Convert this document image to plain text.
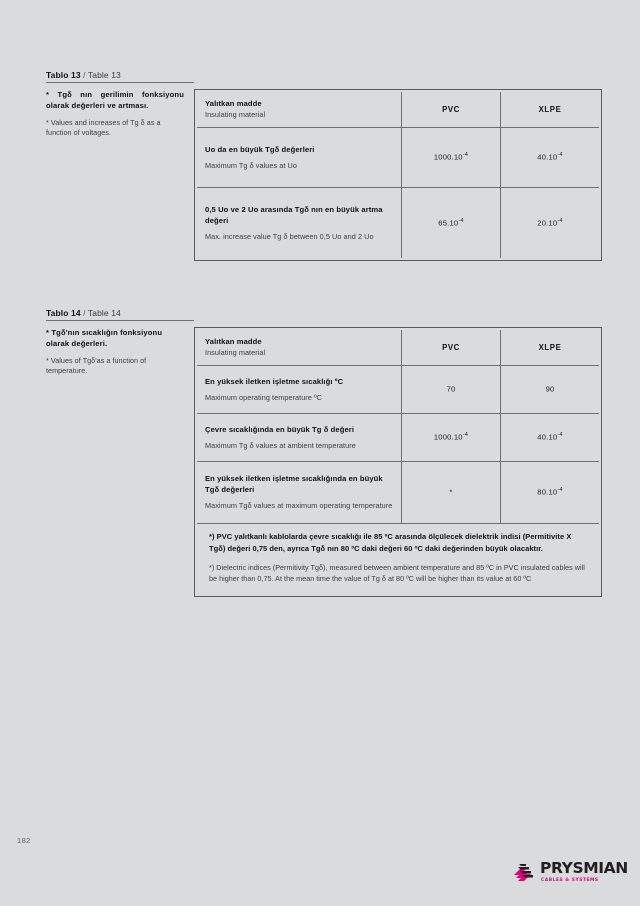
Tablo 13 / Table 13
* Tgδ nın gerilimin fonksiyonu olarak değerleri ve artması.
* Values and increases of Tg δ as a function of voltages.
Yalıtkan madde
Insulating material
PVC	XLPE
Uo da en büyük Tgδ değerleri
Maximum Tg δ values at Uo
$1000.10^{-4}$	$40.10^{-4}$
0,5 Uo ve 2 Uo arasında Tgδ nın en büyük artma değeri
Max. increase value Tg δ between 0,5 Uo and 2 Uo
$65.10^{-4}$	$20.10^{-4}$
Tablo 14 / Table 14
* Tgδ'nın sıcaklığın fonksiyonu olarak değerleri.
* Values of Tgδ'as a function of temperature.
Yalıtkan madde
Insulating material
PVC	XLPE
En yüksek iletken işletme sıcaklığı ºC
Maximum operating temperature ºC
70	90
Çevre sıcaklığında en büyük Tg δ değeri
Maximum Tg δ values at ambient temperature
$1000.10^{-4}$	$40.10^{-4}$
En yüksek iletken işletme sıcaklığında en büyük Tgδ değerleri
Maximum Tgδ values at maximum operating temperature
*	$80.10^{-4}$
*) PVC yalıtkanlı kablolarda çevre sıcaklığı ile 85 ºC arasında ölçülecek dielektrik indisi (Permitivite X Tgδ) değeri 0,75 den, ayrıca Tgδ nın 80 ºC daki değeri 60 ºC daki değerinden büyük olacaktır.
*) Dielectric indices (Permitivity Tgδ), measured between ambient temperature and 85 ºC in PVC insulated cables will be higher than 0,75. At the mean time the value of Tg δ at 80 ºC will be higher than its value at 60 ºC
182
PRYSMIAN
CABLES & SYSTEMS
